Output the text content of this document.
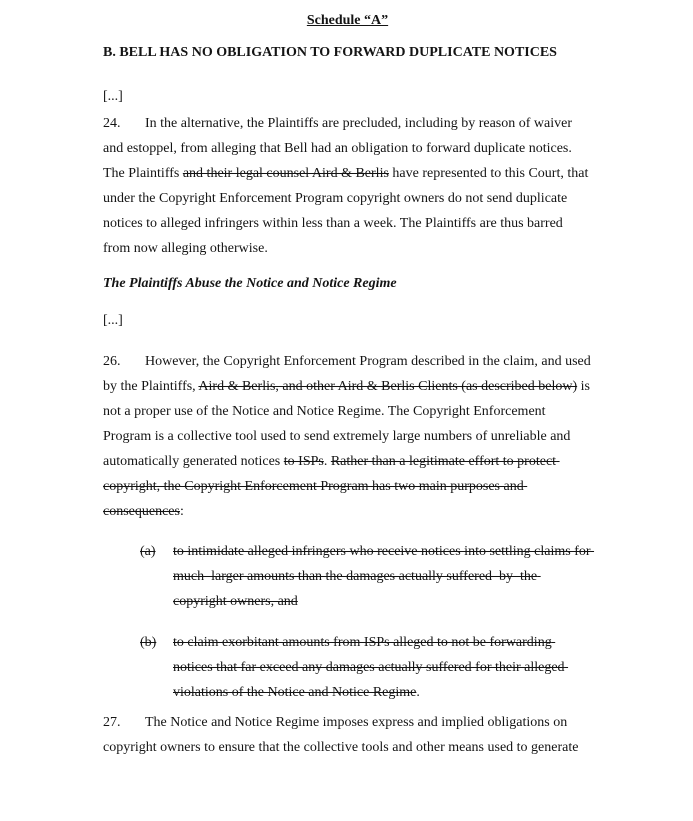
Schedule “A”

B. BELL HAS NO OBLIGATION TO FORWARD DUPLICATE NOTICES

[...]

24. In the alternative, the Plaintiffs are precluded, including by reason of waiver and estoppel, from alleging that Bell had an obligation to forward duplicate notices. The Plaintiffs and their legal counsel Aird & Berlis have represented to this Court, that under the Copyright Enforcement Program copyright owners do not send duplicate notices to alleged infringers within less than a week. The Plaintiffs are thus barred from now alleging otherwise.

The Plaintiffs Abuse the Notice and Notice Regime

[...]

26. However, the Copyright Enforcement Program described in the claim, and used by the Plaintiffs, Aird & Berlis, and other Aird & Berlis Clients (as described below) is not a proper use of the Notice and Notice Regime. The Copyright Enforcement Program is a collective tool used to send extremely large numbers of unreliable and automatically generated notices to ISPs. Rather than a legitimate effort to protect copyright, the Copyright Enforcement Program has two main purposes and consequences:

(a)	to intimidate alleged infringers who receive notices into settling claims for much  larger amounts than the damages actually suffered  by  the copyright owners, and
(b)	to claim exorbitant amounts from ISPs alleged to not be forwarding notices that far exceed any damages actually suffered for their alleged violations of the Notice and Notice Regime.

27. The Notice and Notice Regime imposes express and implied obligations on copyright owners to ensure that the collective tools and other means used to generate
